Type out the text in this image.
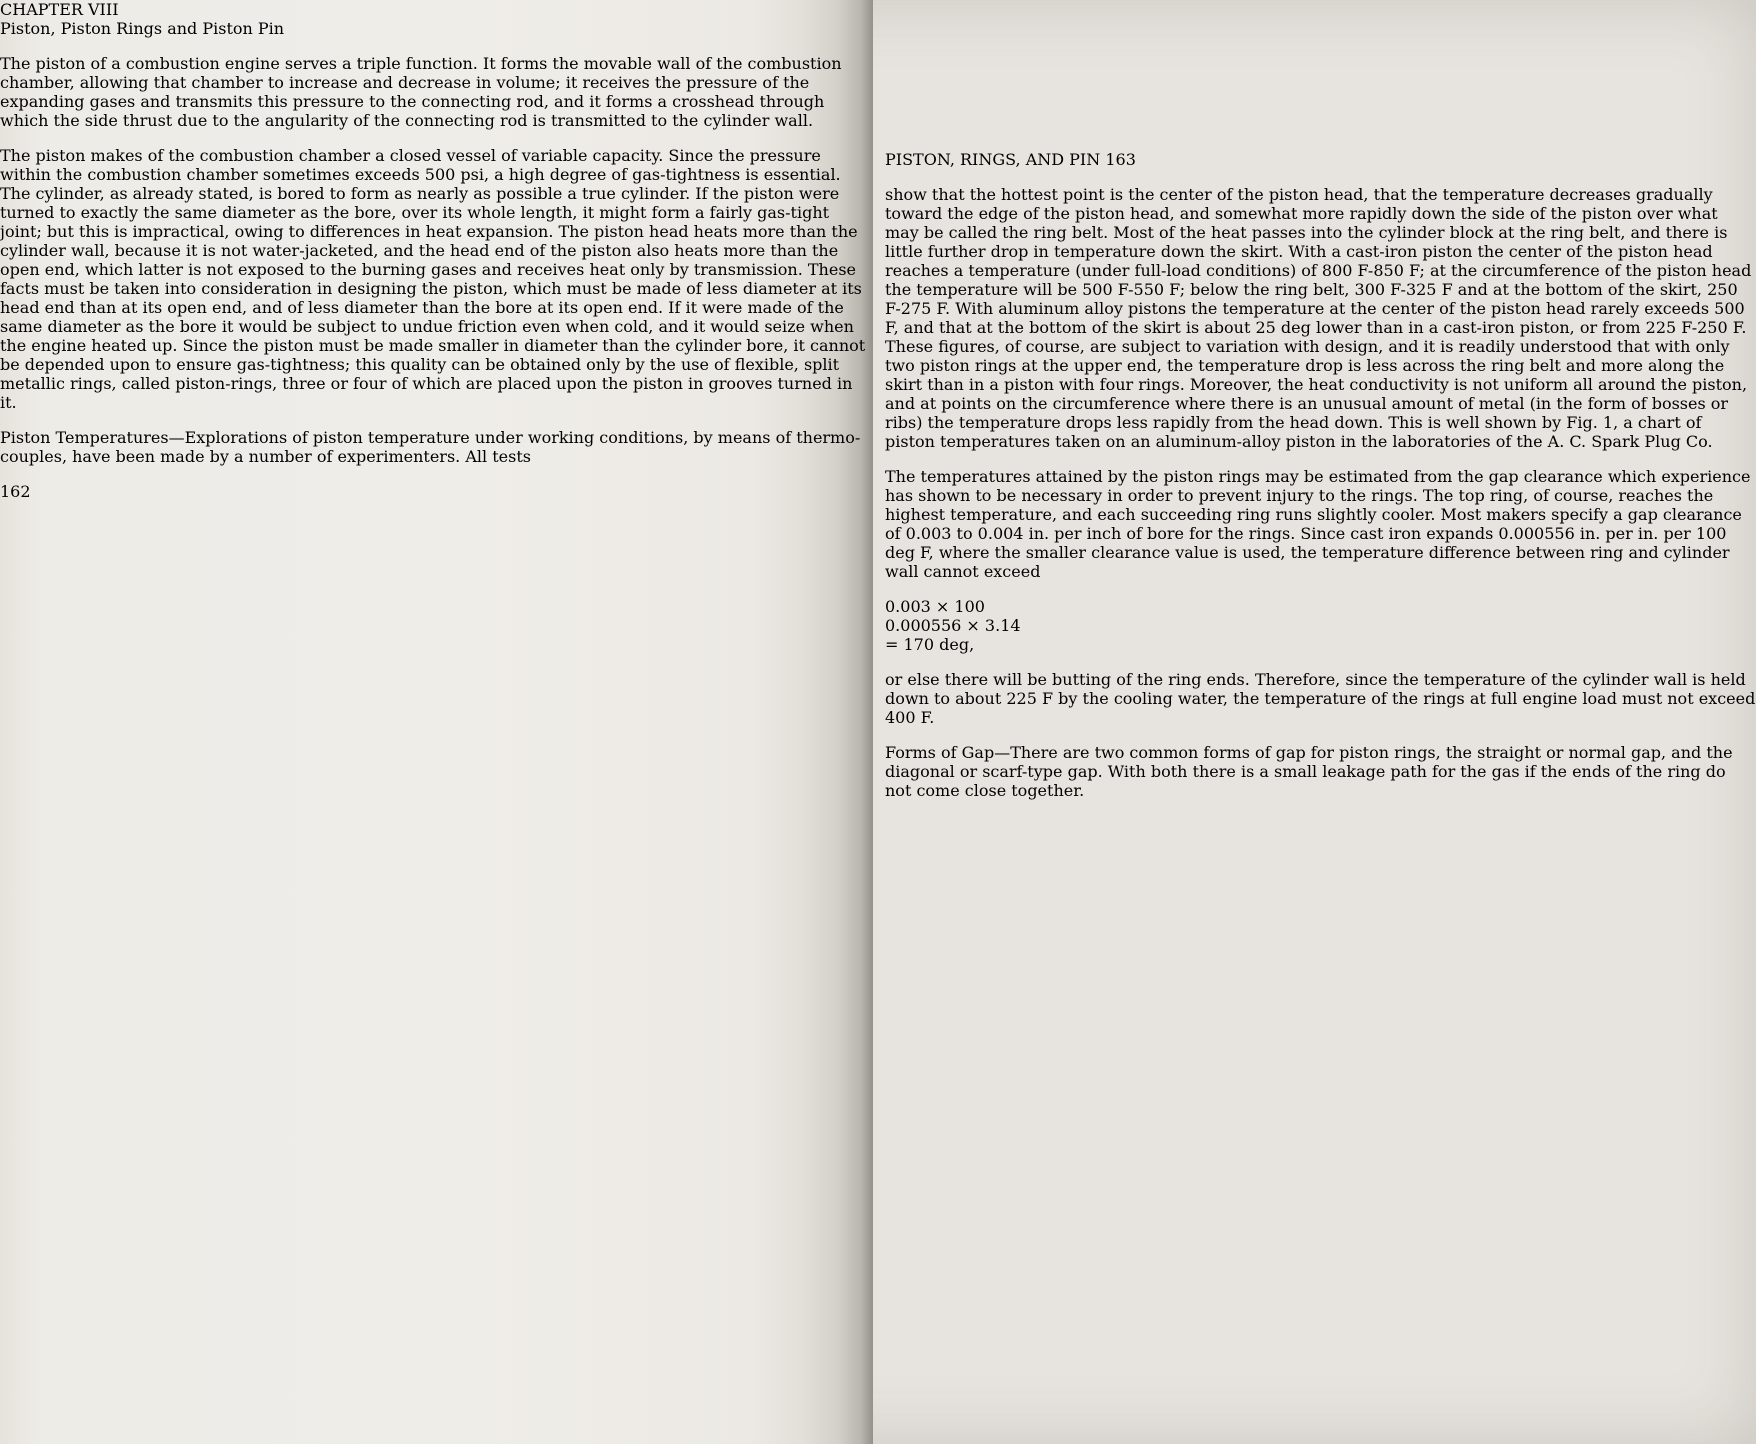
CHAPTER VIII
Piston, Piston Rings and Piston Pin

The piston of a combustion engine serves a triple function. It forms the movable wall of the combustion chamber, allowing that chamber to increase and decrease in volume; it receives the pressure of the expanding gases and transmits this pressure to the connecting rod, and it forms a crosshead through which the side thrust due to the angularity of the connecting rod is transmitted to the cylinder wall.

The piston makes of the combustion chamber a closed vessel of variable capacity. Since the pressure within the combustion chamber sometimes exceeds 500 psi, a high degree of gas-tightness is essential. The cylinder, as already stated, is bored to form as nearly as possible a true cylinder. If the piston were turned to exactly the same diameter as the bore, over its whole length, it might form a fairly gas-tight joint; but this is impractical, owing to differences in heat expansion. The piston head heats more than the cylinder wall, because it is not water-jacketed, and the head end of the piston also heats more than the open end, which latter is not exposed to the burning gases and receives heat only by transmission. These facts must be taken into consideration in designing the piston, which must be made of less diameter at its head end than at its open end, and of less diameter than the bore at its open end. If it were made of the same diameter as the bore it would be subject to undue friction even when cold, and it would seize when the engine heated up. Since the piston must be made smaller in diameter than the cylinder bore, it cannot be depended upon to ensure gas-tightness; this quality can be obtained only by the use of flexible, split metallic rings, called piston-rings, three or four of which are placed upon the piston in grooves turned in it.

Piston Temperatures—Explorations of piston temperature under working conditions, by means of thermo-couples, have been made by a number of experimenters. All tests

162
PISTON, RINGS, AND PIN 163

show that the hottest point is the center of the piston head, that the temperature decreases gradually toward the edge of the piston head, and somewhat more rapidly down the side of the piston over what may be called the ring belt. Most of the heat passes into the cylinder block at the ring belt, and there is little further drop in temperature down the skirt. With a cast-iron piston the center of the piston head reaches a temperature (under full-load conditions) of 800 F-850 F; at the circumference of the piston head the temperature will be 500 F-550 F; below the ring belt, 300 F-325 F and at the bottom of the skirt, 250 F-275 F. With aluminum alloy pistons the temperature at the center of the piston head rarely exceeds 500 F, and that at the bottom of the skirt is about 25 deg lower than in a cast-iron piston, or from 225 F-250 F. These figures, of course, are subject to variation with design, and it is readily understood that with only two piston rings at the upper end, the temperature drop is less across the ring belt and more along the skirt than in a piston with four rings. Moreover, the heat conductivity is not uniform all around the piston, and at points on the circumference where there is an unusual amount of metal (in the form of bosses or ribs) the temperature drops less rapidly from the head down. This is well shown by Fig. 1, a chart of piston temperatures taken on an aluminum-alloy piston in the laboratories of the A. C. Spark Plug Co.

The temperatures attained by the piston rings may be estimated from the gap clearance which experience has shown to be necessary in order to prevent injury to the rings. The top ring, of course, reaches the highest temperature, and each succeeding ring runs slightly cooler. Most makers specify a gap clearance of 0.003 to 0.004 in. per inch of bore for the rings. Since cast iron expands 0.000556 in. per in. per 100 deg F, where the smaller clearance value is used, the temperature difference between ring and cylinder wall cannot exceed

0.003 × 100
0.000556 × 3.14
= 170 deg,

or else there will be butting of the ring ends. Therefore, since the temperature of the cylinder wall is held down to about 225 F by the cooling water, the temperature of the rings at full engine load must not exceed 400 F.

Forms of Gap—There are two common forms of gap for piston rings, the straight or normal gap, and the diagonal or scarf-type gap. With both there is a small leakage path for the gas if the ends of the ring do not come close together.
